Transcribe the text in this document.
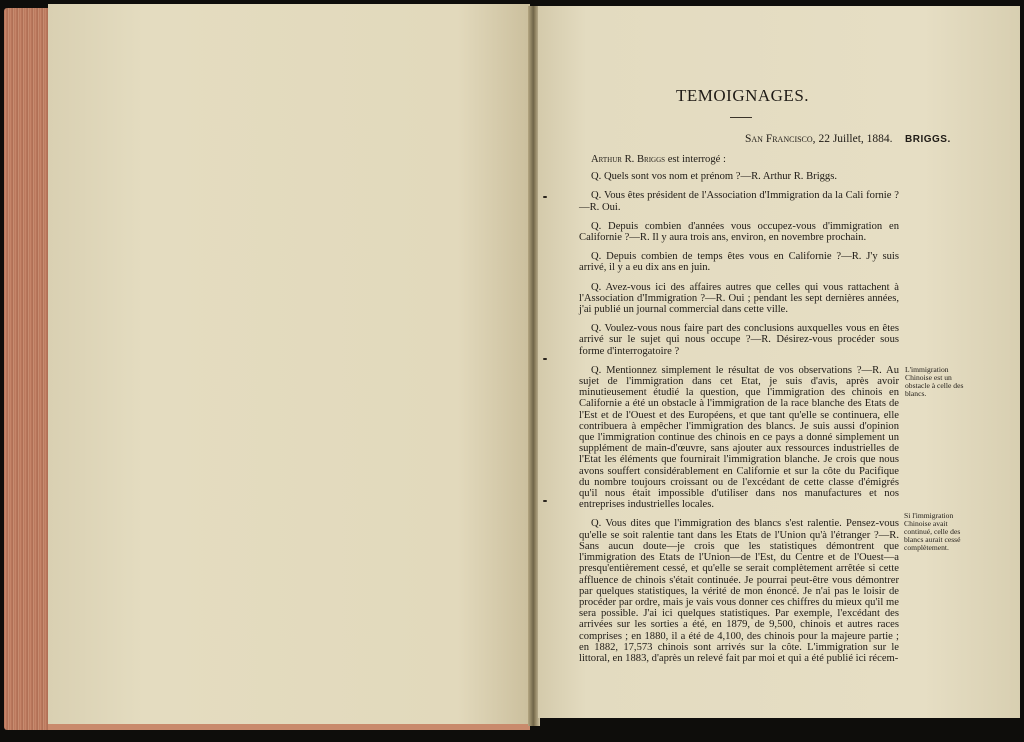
TEMOIGNAGES.
San Francisco, 22 Juillet, 1884. BRIGGS.

Arthur R. Briggs est interrogé :

Q. Quels sont vos nom et prénom ?—R. Arthur R. Briggs.

Q. Vous êtes président de l'Association d'Immigration da la Cali fornie ?—R. Oui.

Q. Depuis combien d'années vous occupez-vous d'immigration en Californie ?—R. Il y aura trois ans, environ, en novembre prochain.

Q. Depuis combien de temps êtes vous en Californie ?—R. J'y suis arrivé, il y a eu dix ans en juin.

Q. Avez-vous ici des affaires autres que celles qui vous rattachent à l'Association d'Immigration ?—R. Oui ; pendant les sept dernières années, j'ai publié un journal commercial dans cette ville.

Q. Voulez-vous nous faire part des conclusions auxquelles vous en êtes arrivé sur le sujet qui nous occupe ?—R. Désirez-vous procéder sous forme d'interrogatoire ?

Q. Mentionnez simplement le résultat de vos observations ?—R. Au sujet de l'immigration dans cet Etat, je suis d'avis, après avoir minutieusement étudié la question, que l'immigration des chinois en Californie a été un obstacle à l'immigration de la race blanche des Etats de l'Est et de l'Ouest et des Européens, et que tant qu'elle se continuera, elle contribuera à empêcher l'immigration des blancs. Je suis aussi d'opinion que l'immigration continue des chinois en ce pays a donné simplement un supplément de main-d'œuvre, sans ajouter aux ressources industrielles de l'Etat les éléments que fournirait l'immigration blanche. Je crois que nous avons souffert considérablement en Californie et sur la côte du Pacifique du nombre toujours croissant ou de l'excédant de cette classe d'émigrés qu'il nous était impossible d'utiliser dans nos manufactures et nos entreprises industrielles locales.

Q. Vous dites que l'immigration des blancs s'est ralentie. Pensez-vous qu'elle se soit ralentie tant dans les Etats de l'Union qu'à l'étranger ?—R. Sans aucun doute—je crois que les statistiques démontrent que l'immigration des Etats de l'Union—de l'Est, du Centre et de l'Ouest—a presqu'entièrement cessé, et qu'elle se serait complètement arrêtée si cette affluence de chinois s'était continuée. Je pourrai peut-être vous démontrer par quelques statistiques, la vérité de mon énoncé. Je n'ai pas le loisir de procéder par ordre, mais je vais vous donner ces chiffres du mieux qu'il me sera possible. J'ai ici quelques statistiques. Par exemple, l'excédant des arrivées sur les sorties a été, en 1879, de 9,500, chinois et autres races comprises ; en 1880, il a été de 4,100, des chinois pour la majeure partie ; en 1882, 17,573 chinois sont arrivés sur la côte. L'immigration sur le littoral, en 1883, d'après un relevé fait par moi et qui a été publié ici récem-

L'immigration Chinoise est un obstacle à celle des blancs.
Si l'immigration Chinoise avait continué, celle des blancs aurait cessé complètement.
